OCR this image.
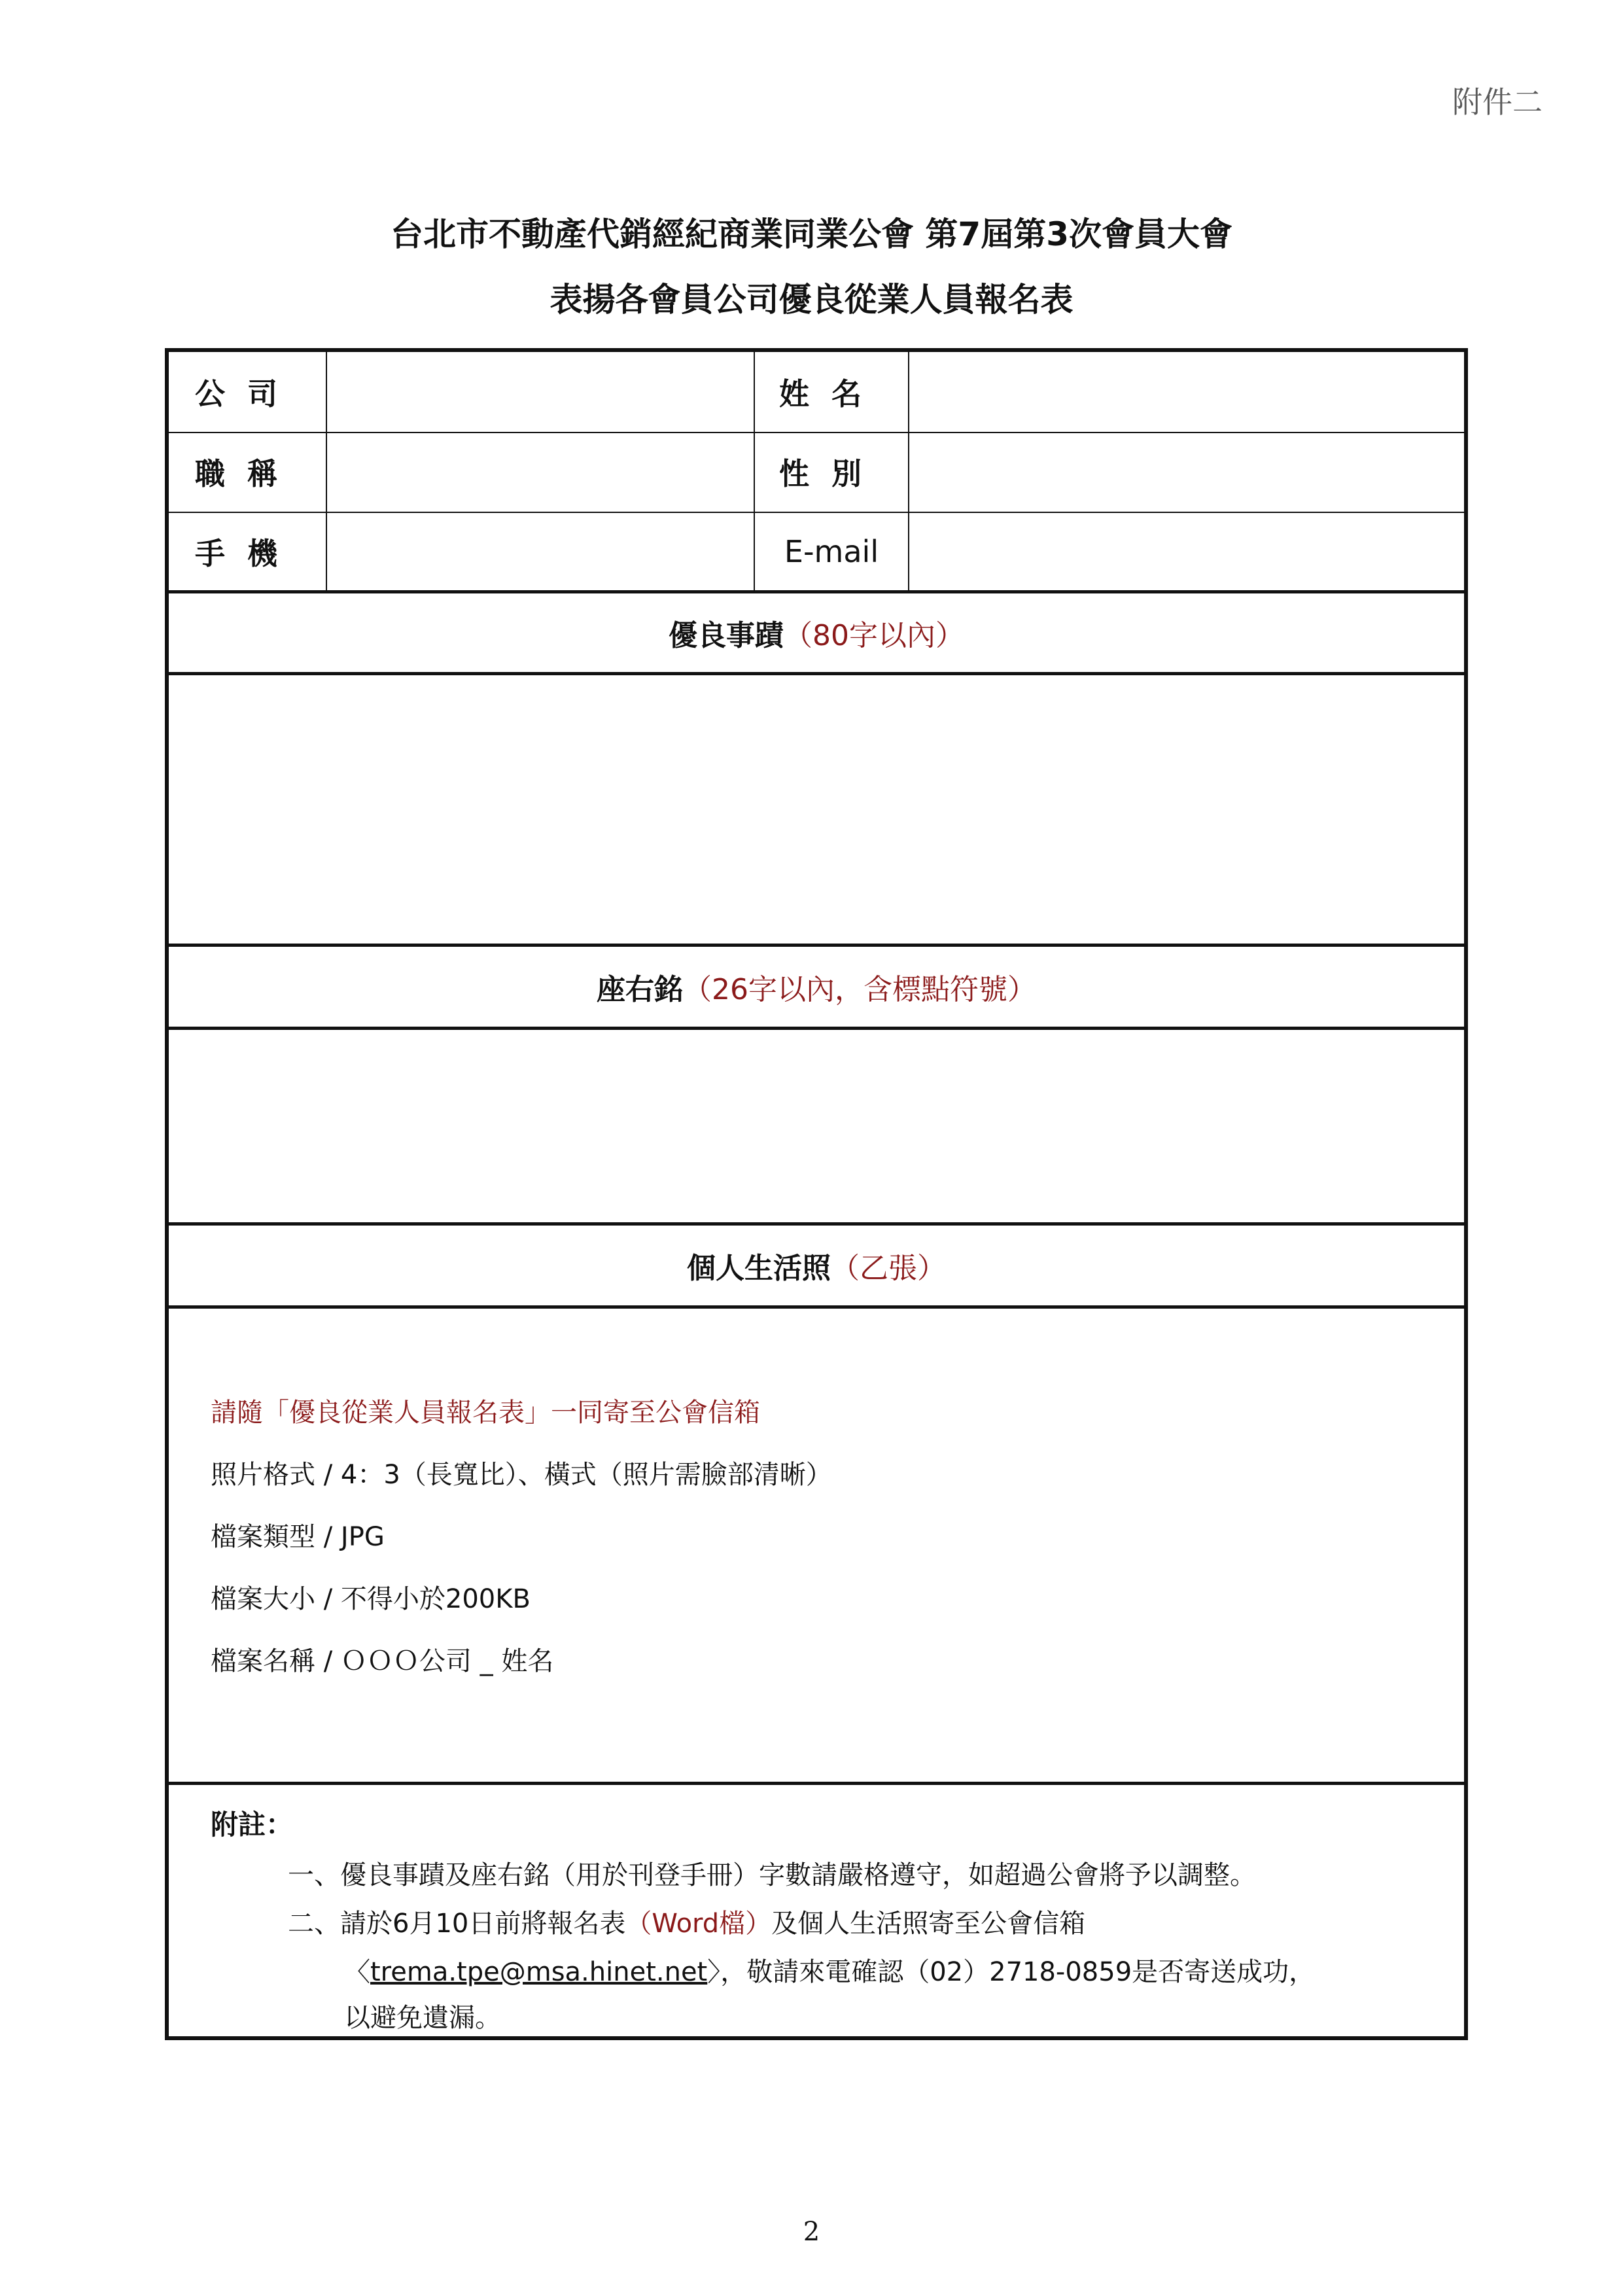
附件二
台北市不動產代銷經紀商業同業公會 第7屆第3次會員大會
表揚各會員公司優良從業人員報名表
公司	姓名
職稱	性別
手機	E-mail
優良事蹟 （80字以內）
座右銘 （26字以內，含標點符號）
個人生活照 （乙張）
請隨「優良從業人員報名表」一同寄至公會信箱
照片格式 / 4：3（長寬比）、橫式（照片需臉部清晰）
檔案類型 / JPG
檔案大小 / 不得小於200KB
檔案名稱 / ＯＯＯ公司 _ 姓名
附註：
一、優良事蹟及座右銘（用於刊登手冊）字數請嚴格遵守，如超過公會將予以調整。
二、請於6月10日前將報名表（Word檔）及個人生活照寄至公會信箱
〈trema.tpe@msa.hinet.net〉，敬請來電確認（02）2718-0859是否寄送成功，
以避免遺漏。
2
